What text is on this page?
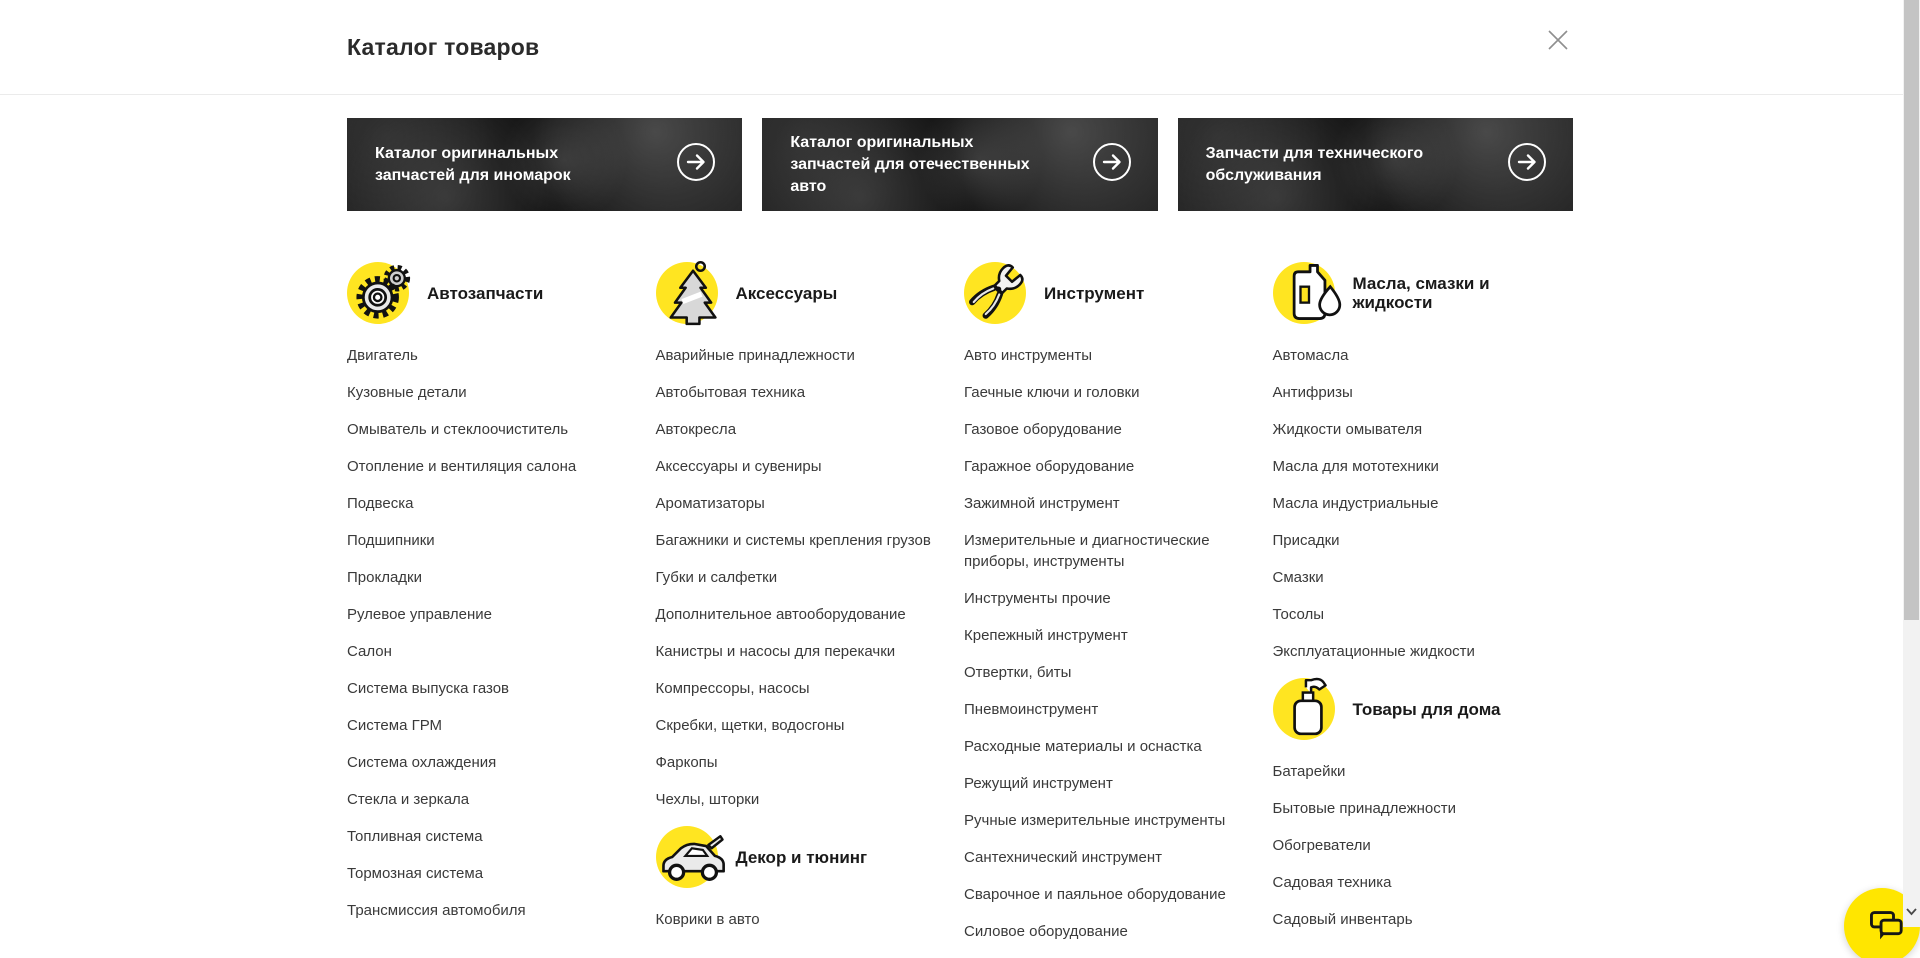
Каталог товаров
Каталог оригинальных запчастей для иномарок
Каталог оригинальных запчастей для отечественных авто
Запчасти для технического обслуживания
Автозапчасти
Двигатель
Кузовные детали
Омыватель и стеклоочиститель
Отопление и вентиляция салона
Подвеска
Подшипники
Прокладки
Рулевое управление
Салон
Система выпуска газов
Система ГРМ
Система охлаждения
Стекла и зеркала
Топливная система
Тормозная система
Трансмиссия автомобиля
Аксессуары
Аварийные принадлежности
Автобытовая техника
Автокресла
Аксессуары и сувениры
Ароматизаторы
Багажники и системы крепления грузов
Губки и салфетки
Дополнительное автооборудование
Канистры и насосы для перекачки
Компрессоры, насосы
Скребки, щетки, водосгоны
Фаркопы
Чехлы, шторки
Декор и тюнинг
Коврики в авто
Инструмент
Авто инструменты
Гаечные ключи и головки
Газовое оборудование
Гаражное оборудование
Зажимной инструмент
Измерительные и диагностические приборы, инструменты
Инструменты прочие
Крепежный инструмент
Отвертки, биты
Пневмоинструмент
Расходные материалы и оснастка
Режущий инструмент
Ручные измерительные инструменты
Сантехнический инструмент
Сварочное и паяльное оборудование
Силовое оборудование
Масла, смазки и жидкости
Автомасла
Антифризы
Жидкости омывателя
Масла для мототехники
Масла индустриальные
Присадки
Смазки
Тосолы
Эксплуатационные жидкости
Товары для дома
Батарейки
Бытовые принадлежности
Обогреватели
Садовая техника
Садовый инвентарь
